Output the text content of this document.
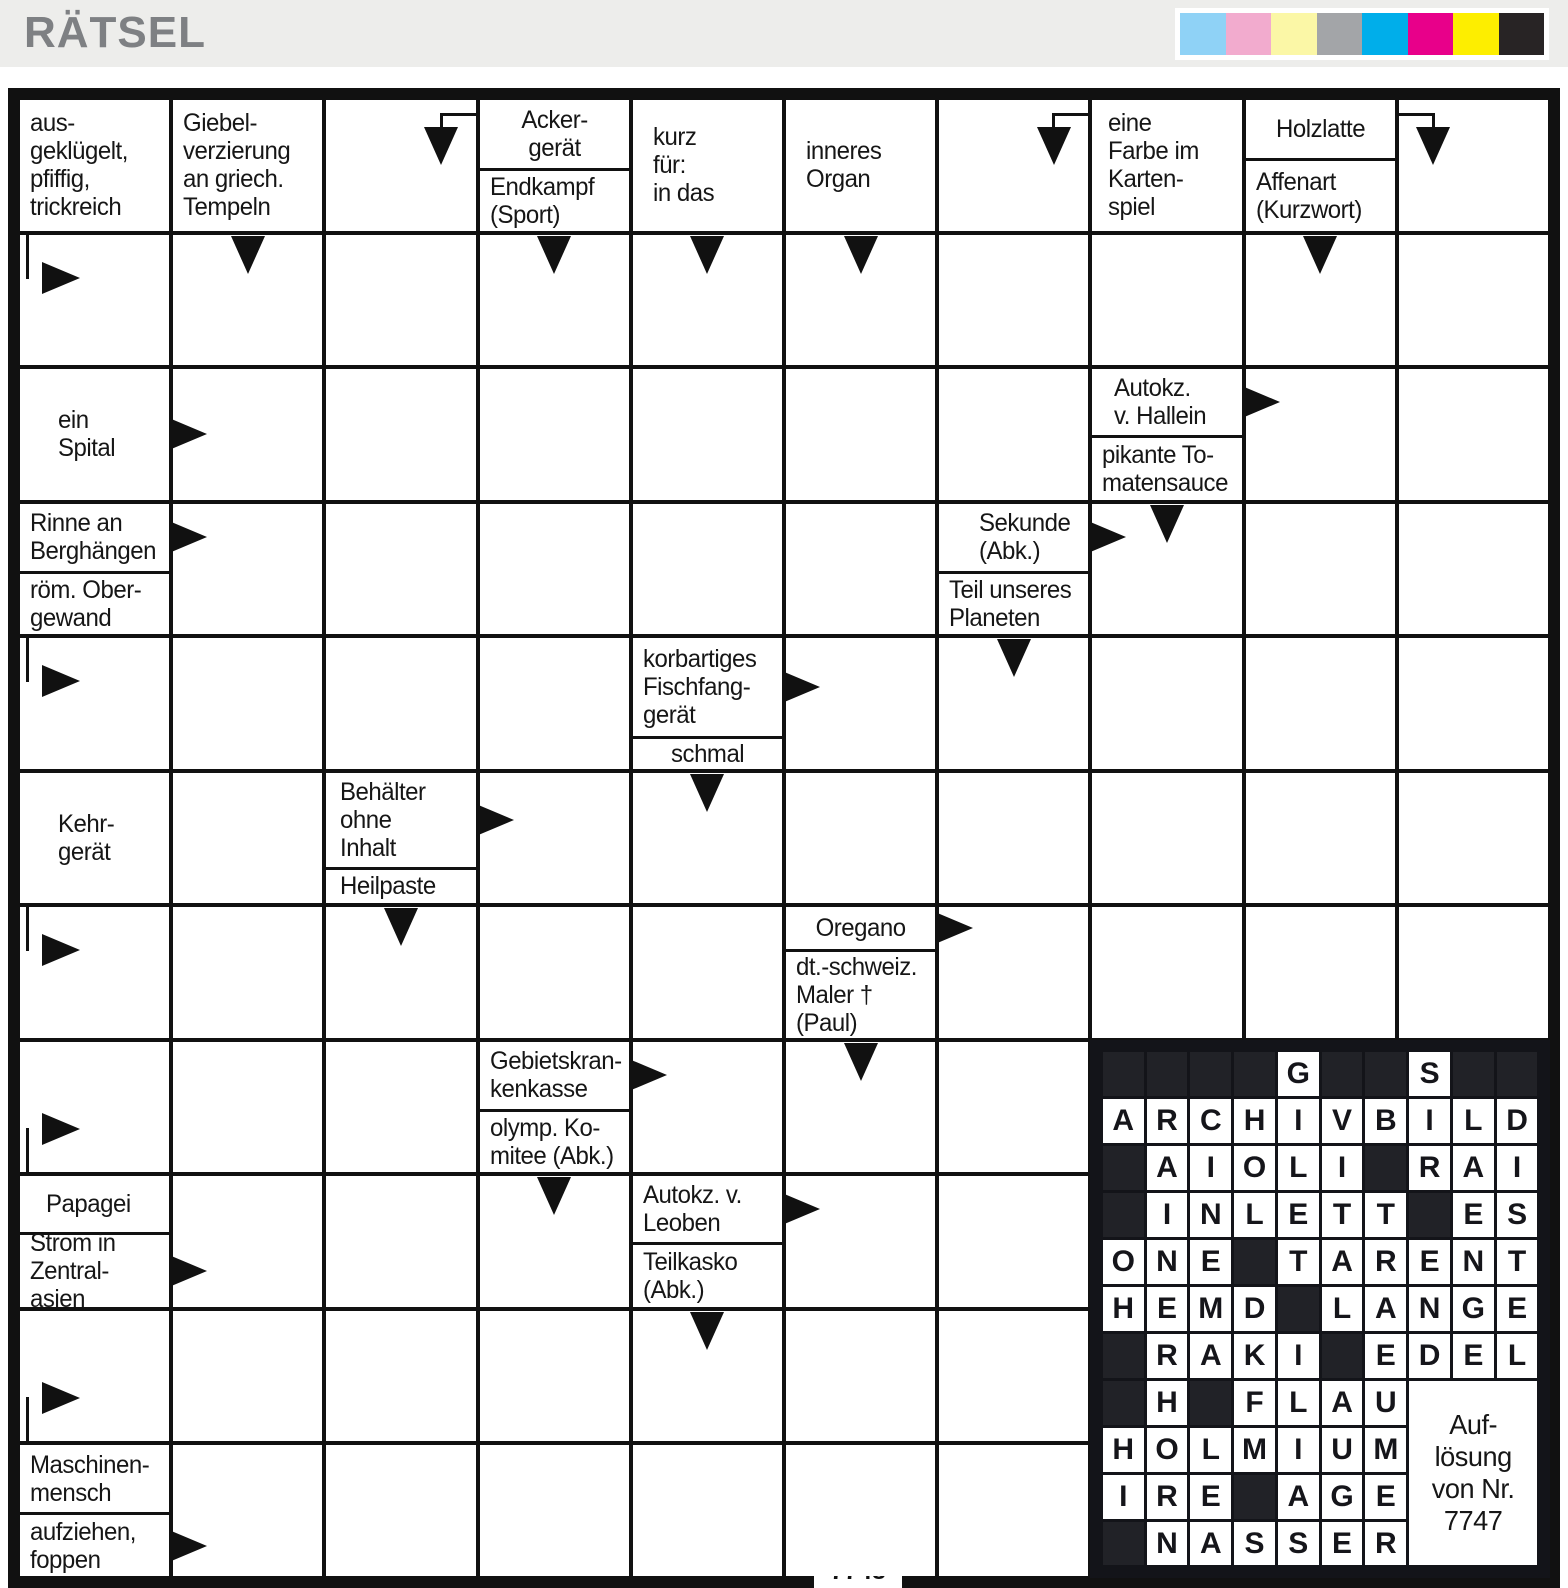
RÄTSEL
G	S
A R C H I V B I	L D
A I O L	I	R A I
I N L E T T	E S
O N E	T A R E N T
H E M D	L A N G E
R A K I	E D E L
H	F L A U
H O L M I U M
I R E	A G E
N A S S E R
Auf-
lösung
von Nr.
7747
aus-
geklügelt,
pfiffig,
trickreich
Giebel-
verzierung
an griech.
Tempeln
Acker-
gerät
Endkampf
(Sport)
kurz
für:
in das
inneres
Organ
eine
Farbe im
Karten-
spiel
Holzlatte
Affenart
(Kurzwort)
ein
Spital
Autokz.
v. Hallein
pikante To-
matensauce
Rinne an
Berghängen
röm. Ober-
gewand
Sekunde
(Abk.)
Teil unseres
Planeten
korbartiges
Fischfang-
gerät
schmal
Kehr-
gerät
Behälter
ohne
Inhalt
Heilpaste
Oregano
dt.-schweiz.
Maler †
(Paul)
Gebietskran-
kenkasse
olymp. Ko-
mitee (Abk.)
Papagei
Strom in
Zentral-
asien
Autokz. v.
Leoben
Teilkasko
(Abk.)
Maschinen-
mensch
aufziehen,
foppen
